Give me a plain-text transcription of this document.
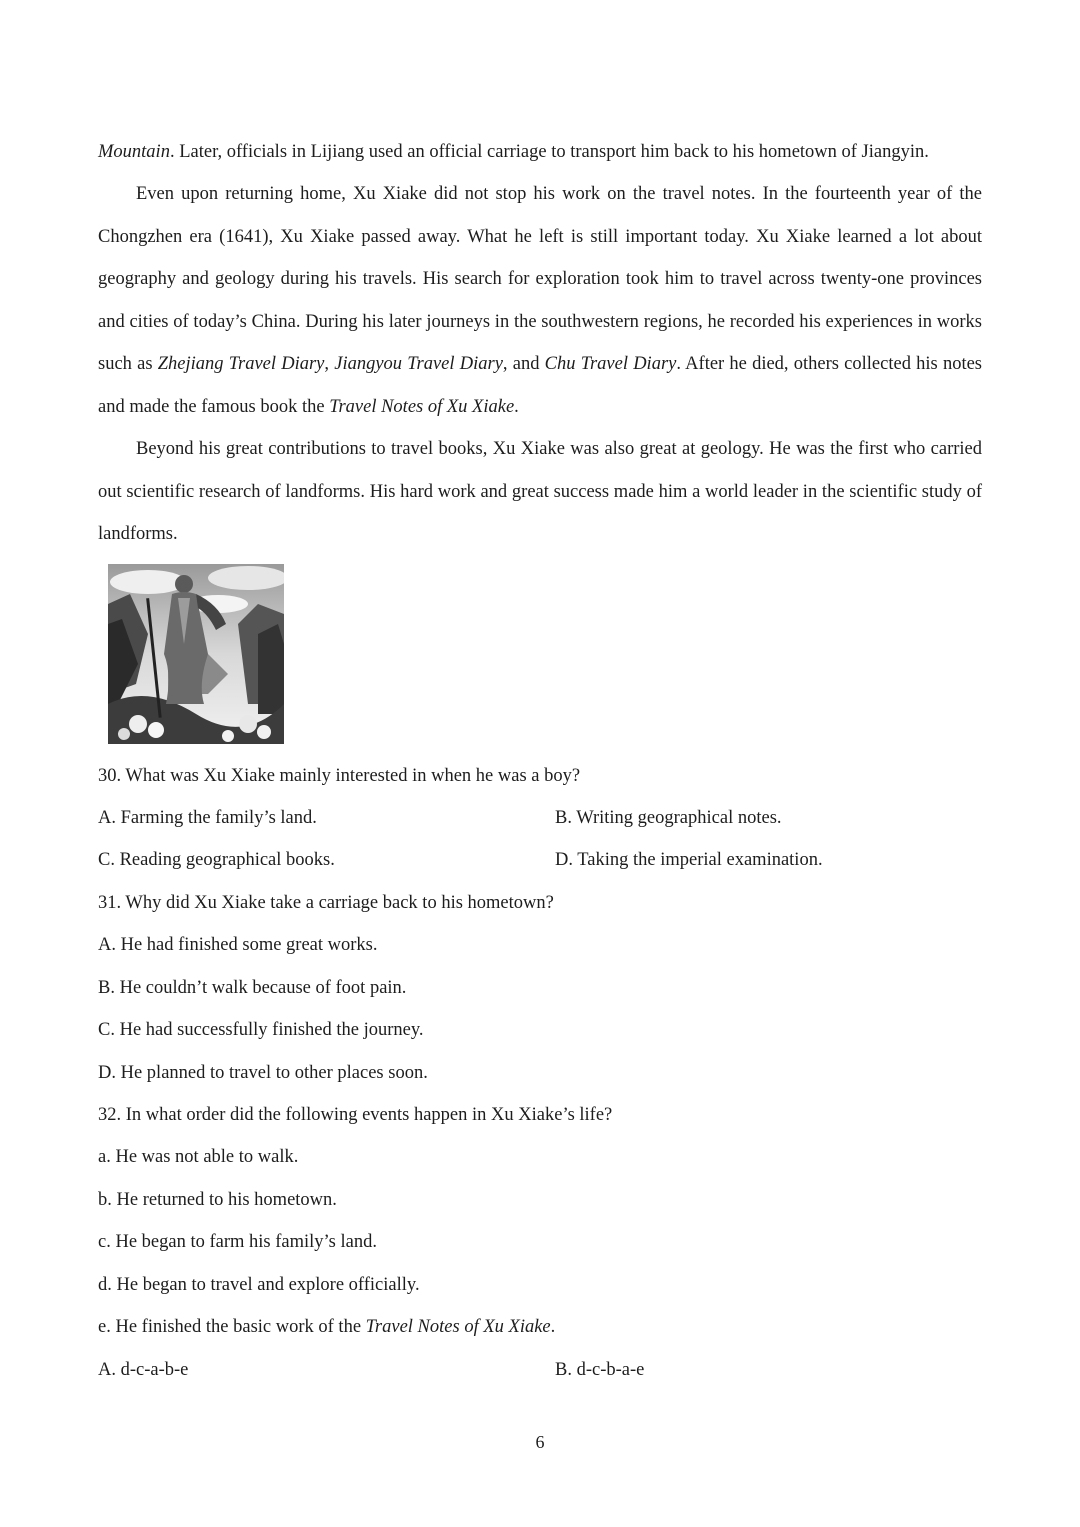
Mountain. Later, officials in Lijiang used an official carriage to transport him back to his hometown of Jiangyin.

Even upon returning home, Xu Xiake did not stop his work on the travel notes. In the fourteenth year of the Chongzhen era (1641), Xu Xiake passed away. What he left is still important today. Xu Xiake learned a lot about geography and geology during his travels. His search for exploration took him to travel across twenty-one provinces and cities of today’s China. During his later journeys in the southwestern regions, he recorded his experiences in works such as Zhejiang Travel Diary, Jiangyou Travel Diary, and Chu Travel Diary. After he died, others collected his notes and made the famous book the Travel Notes of Xu Xiake.

Beyond his great contributions to travel books, Xu Xiake was also great at geology. He was the first who carried out scientific research of landforms. His hard work and great success made him a world leader in the scientific study of landforms.

30. What was Xu Xiake mainly interested in when he was a boy?
A. Farming the family’s land.	B. Writing geographical notes.
C. Reading geographical books.	D. Taking the imperial examination.
31. Why did Xu Xiake take a carriage back to his hometown?
A. He had finished some great works.
B. He couldn’t walk because of foot pain.
C. He had successfully finished the journey.
D. He planned to travel to other places soon.
32. In what order did the following events happen in Xu Xiake’s life?
a. He was not able to walk.
b. He returned to his hometown.
c. He began to farm his family’s land.
d. He began to travel and explore officially.
e. He finished the basic work of the Travel Notes of Xu Xiake.
A. d-c-a-b-e	B. d-c-b-a-e
6
